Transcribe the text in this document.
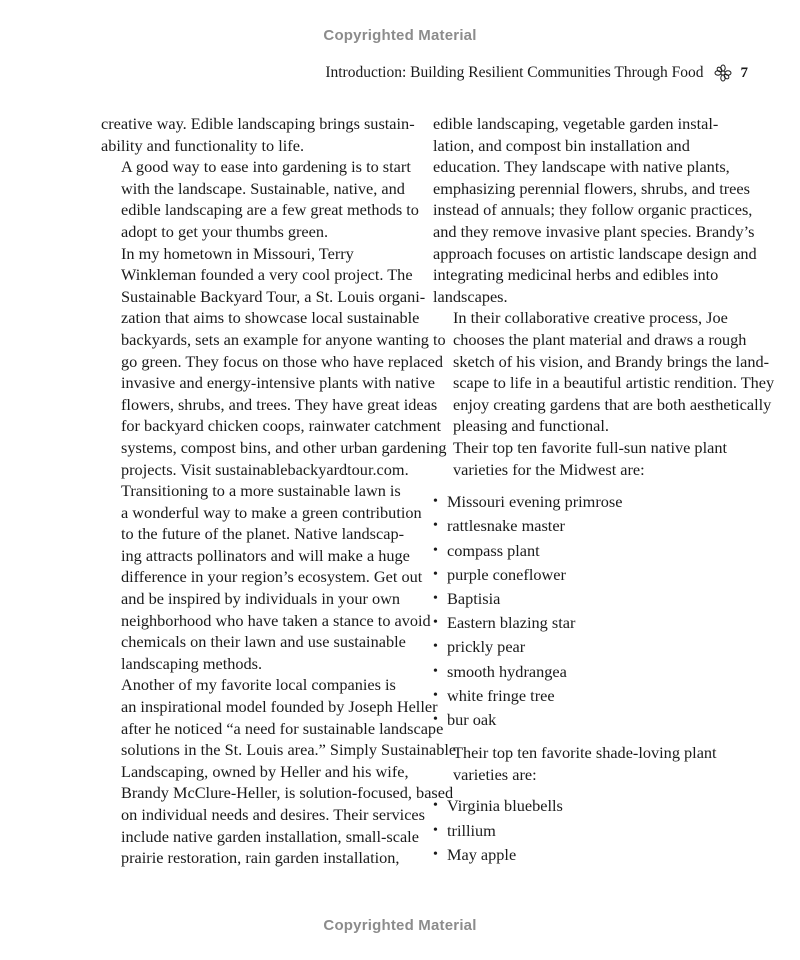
Copyrighted Material
Introduction: Building Resilient Communities Through Food 7

creative way. Edible landscaping brings sustain-
ability and functionality to life.

A good way to ease into gardening is to start
with the landscape. Sustainable, native, and
edible landscaping are a few great methods to
adopt to get your thumbs green.

In my hometown in Missouri, Terry
Winkleman founded a very cool project. The
Sustainable Backyard Tour, a St. Louis organi-
zation that aims to showcase local sustainable
backyards, sets an example for anyone wanting to
go green. They focus on those who have replaced
invasive and energy-intensive plants with native
flowers, shrubs, and trees. They have great ideas
for backyard chicken coops, rainwater catchment
systems, compost bins, and other urban gardening
projects. Visit sustainablebackyardtour.com.

Transitioning to a more sustainable lawn is
a wonderful way to make a green contribution
to the future of the planet. Native landscap-
ing attracts pollinators and will make a huge
difference in your region’s ecosystem. Get out
and be inspired by individuals in your own
neighborhood who have taken a stance to avoid
chemicals on their lawn and use sustainable
landscaping methods.

Another of my favorite local companies is
an inspirational model founded by Joseph Heller
after he noticed “a need for sustainable landscape
solutions in the St. Louis area.” Simply Sustainable
Landscaping, owned by Heller and his wife,
Brandy McClure-Heller, is solution-focused, based
on individual needs and desires. Their services
include native garden installation, small-scale
prairie restoration, rain garden installation,

edible landscaping, vegetable garden instal-
lation, and compost bin installation and
education. They landscape with native plants,
emphasizing perennial flowers, shrubs, and trees
instead of annuals; they follow organic practices,
and they remove invasive plant species. Brandy’s
approach focuses on artistic landscape design and
integrating medicinal herbs and edibles into
landscapes.

In their collaborative creative process, Joe
chooses the plant material and draws a rough
sketch of his vision, and Brandy brings the land-
scape to life in a beautiful artistic rendition. They
enjoy creating gardens that are both aesthetically
pleasing and functional.

Their top ten favorite full-sun native plant
varieties for the Midwest are:

• Missouri evening primrose
• rattlesnake master
• compass plant
• purple coneflower
• Baptisia
• Eastern blazing star
• prickly pear
• smooth hydrangea
• white fringe tree
• bur oak

Their top ten favorite shade-loving plant
varieties are:

• Virginia bluebells
• trillium
• May apple
Copyrighted Material
